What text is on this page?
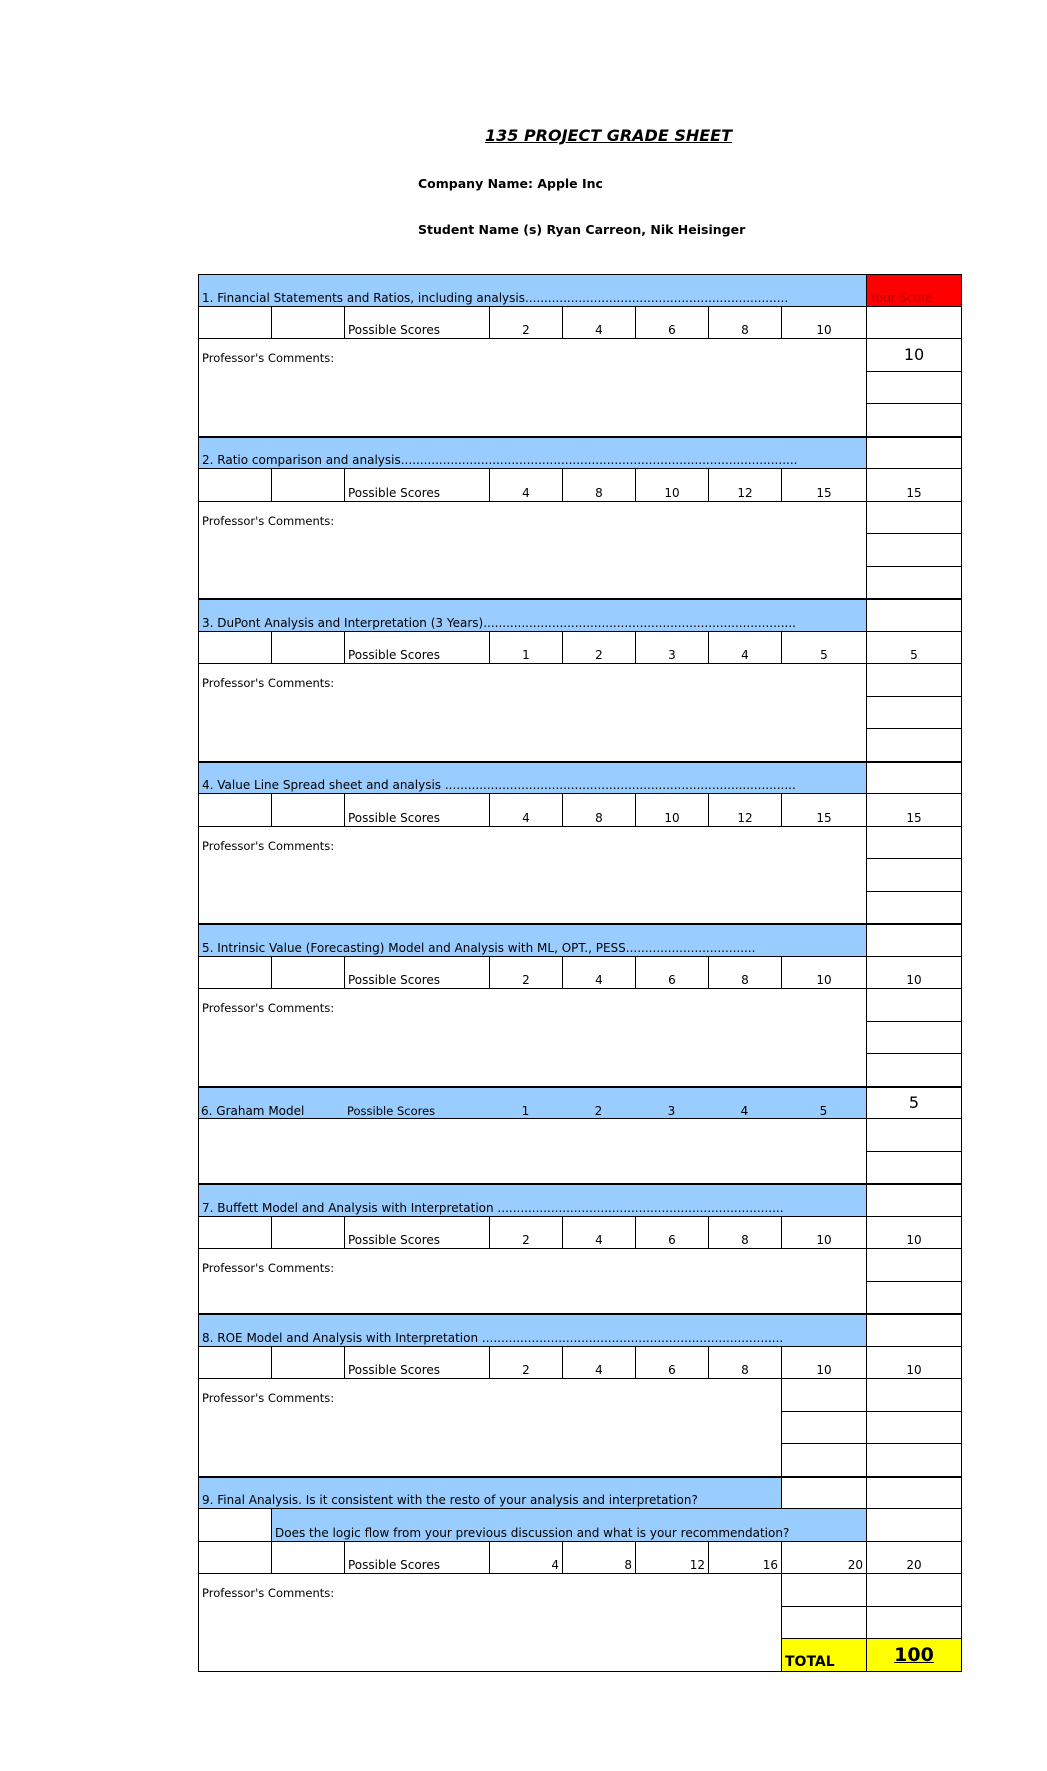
135 PROJECT GRADE SHEET
Company Name: Apple Inc
Student Name (s) Ryan Carreon, Nik Heisinger
1. Financial Statements and Ratios, including analysis.....................................................................	Your Score
Possible Scores	2	4	6	8	10
Professor's Comments:	10
2. Ratio comparison and analysis........................................................................................................
Possible Scores	4	8	10	12	15	15
Professor's Comments:
3. DuPont Analysis and Interpretation (3 Years)..................................................................................
Possible Scores	1	2	3	4	5	5
Professor's Comments:
4. Value Line Spread sheet and analysis ............................................................................................
Possible Scores	4	8	10	12	15	15
Professor's Comments:
5. Intrinsic Value (Forecasting) Model and Analysis with ML, OPT., PESS..................................
Possible Scores	2	4	6	8	10	10
Professor's Comments:
6. Graham Model	Possible Scores	1	2	3	4	5	5
7. Buffett Model and Analysis with Interpretation ...........................................................................
Possible Scores	2	4	6	8	10	10
Professor's Comments:
8. ROE Model and Analysis with Interpretation ...............................................................................
Possible Scores	2	4	6	8	10	10
Professor's Comments:
9. Final Analysis. Is it consistent with the resto of your analysis and interpretation?
Does the logic flow from your previous discussion and what is your recommendation?
Possible Scores	4	8	12	16	20	20
Professor's Comments:
TOTAL	100
